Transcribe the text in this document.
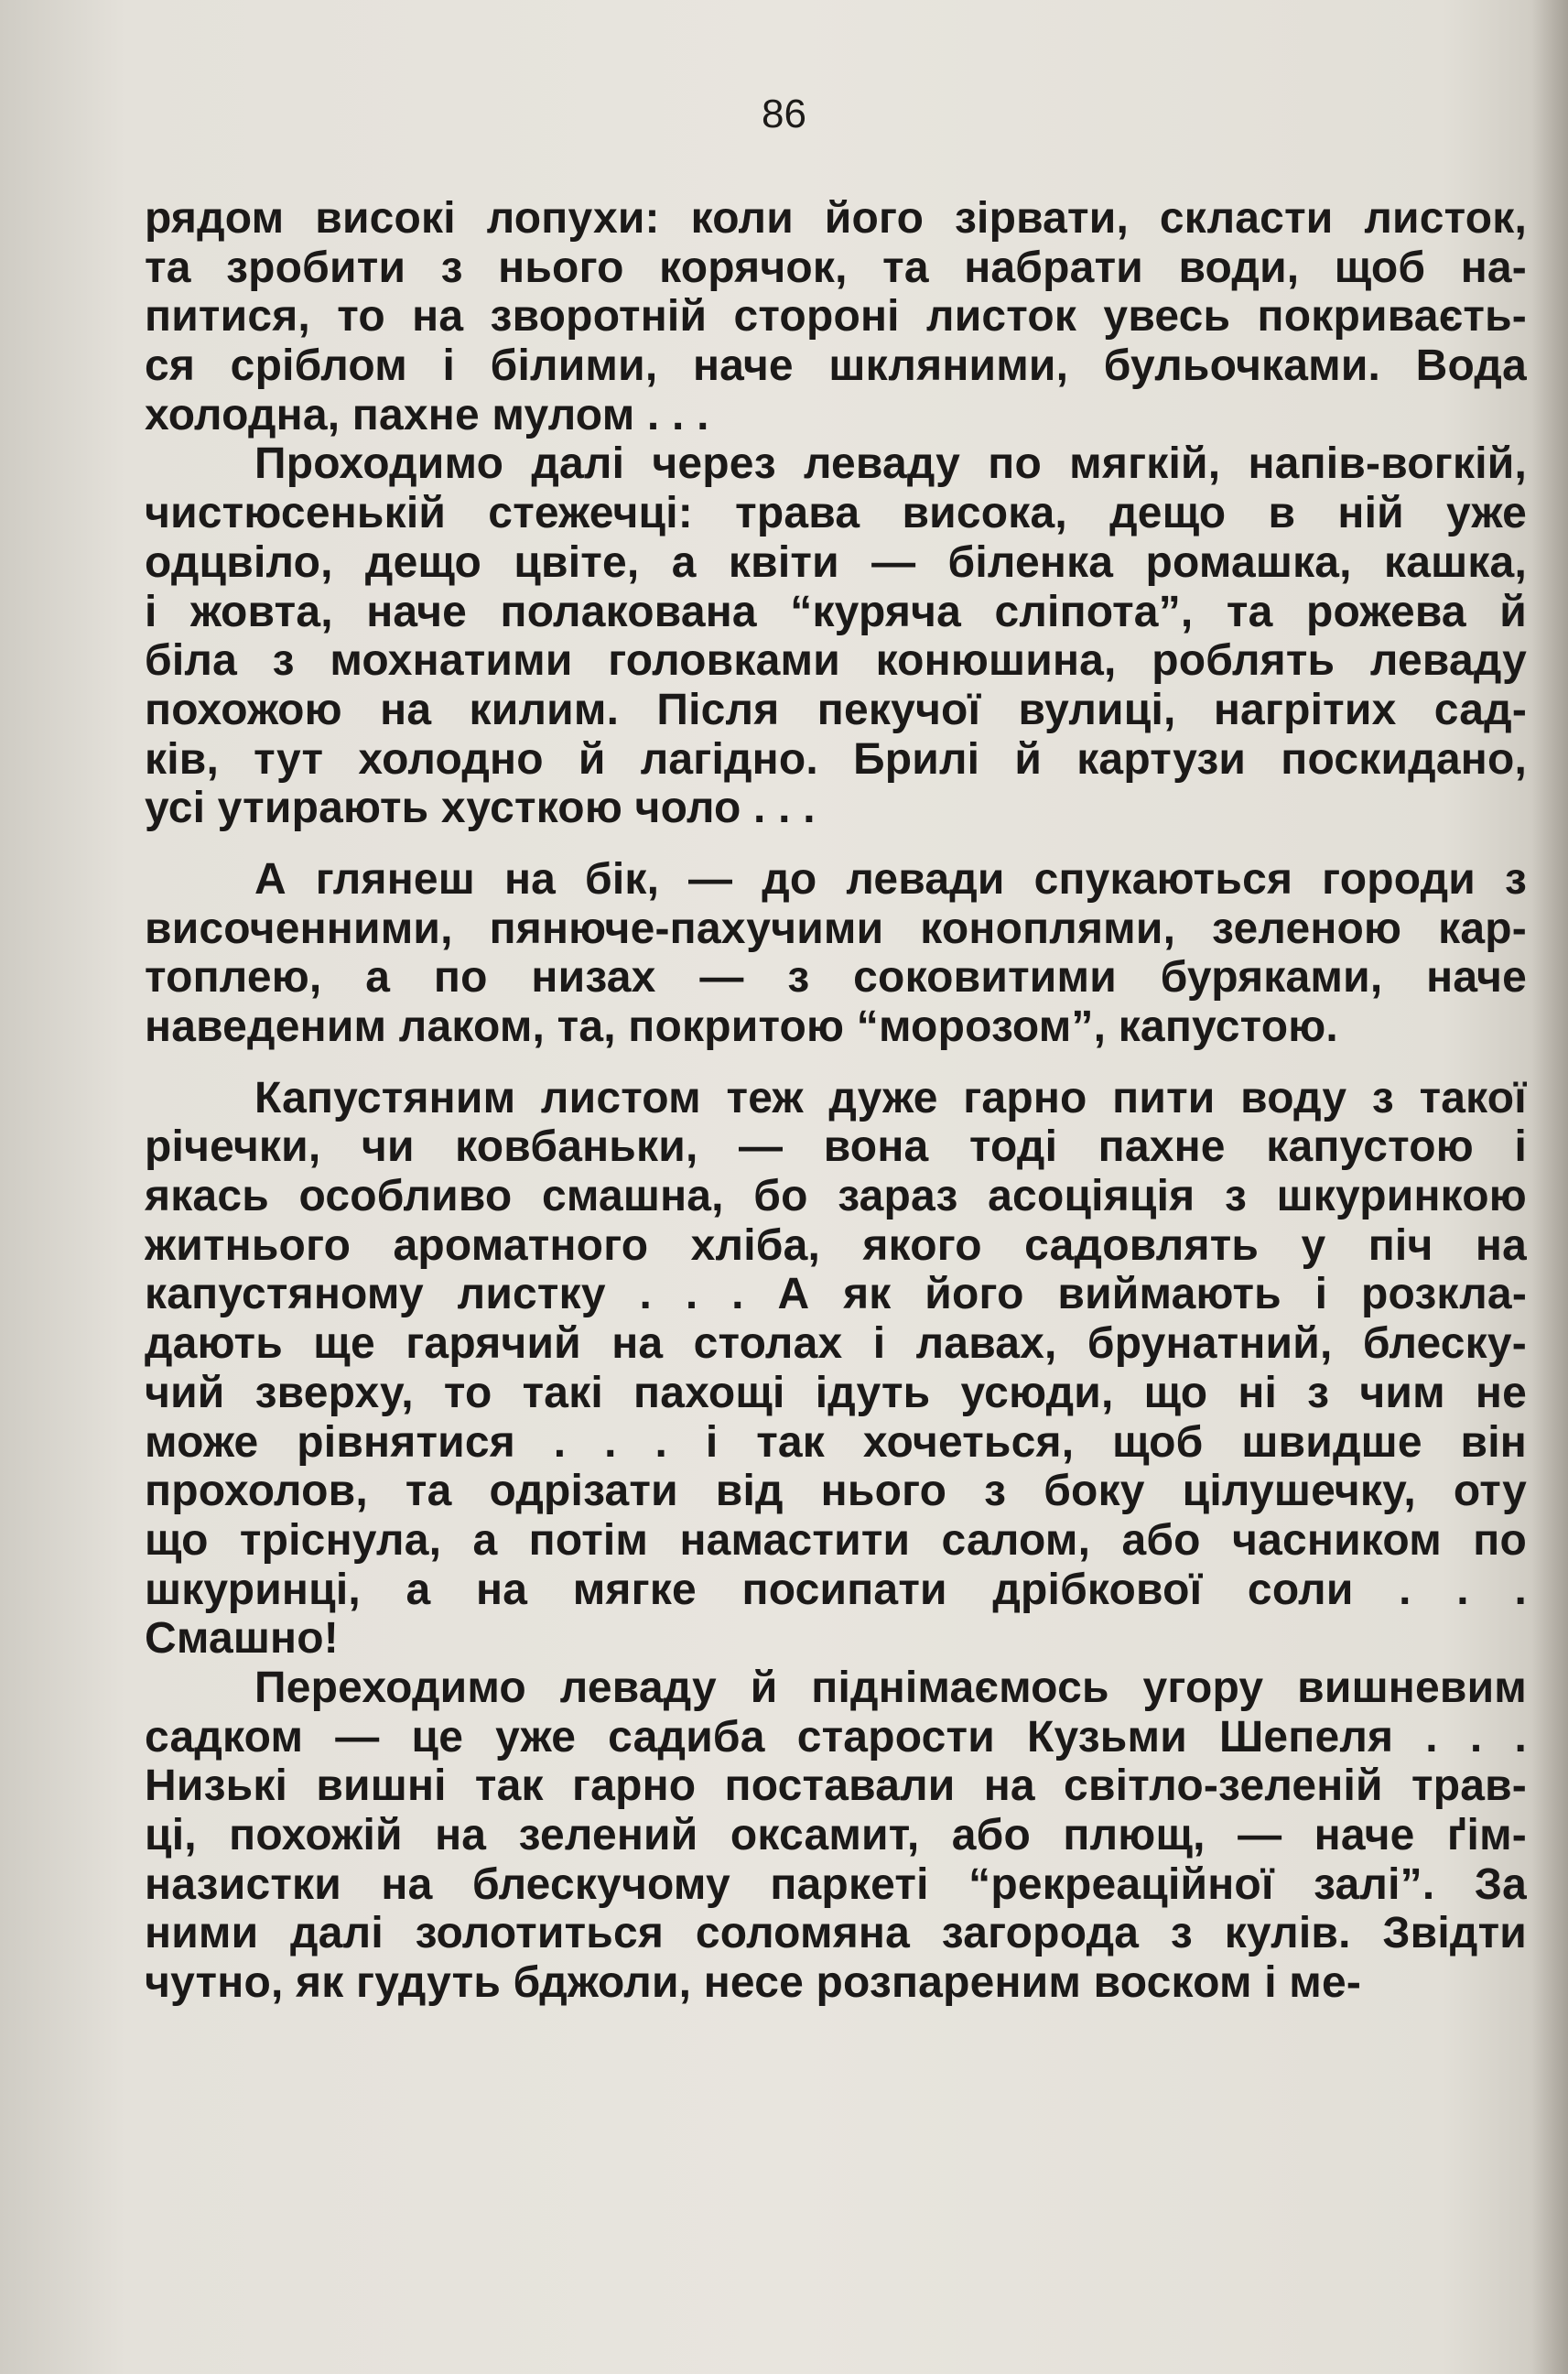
86
рядом високі лопухи: коли його зірвати, скласти листок,
та зробити з нього корячок, та набрати води, щоб на-
питися, то на зворотній стороні листок увесь покриваєть-
ся сріблом і білими, наче шкляними, бульочками. Вода
холодна, пахне мулом . . .
Проходимо далі через леваду по мягкій, напів-вогкій,
чистюсенькій стежечці: трава висока, дещо в ній уже
одцвіло, дещо цвіте, а квіти — біленка ромашка, кашка,
і жовта, наче полакована “куряча сліпота”, та рожева й
біла з мохнатими головками конюшина, роблять леваду
похожою на килим. Після пекучої вулиці, нагрітих сад-
ків, тут холодно й лагідно. Брилі й картузи поскидано,
усі утирають хусткою чоло . . .
А глянеш на бік, — до левади спукаються городи з
височенними, пянюче-пахучими коноплями, зеленою кар-
топлею, а по низах — з соковитими буряками, наче
наведеним лаком, та, покритою “морозом”, капустою.
Капустяним листом теж дуже гарно пити воду з такої
річечки, чи ковбаньки, — вона тоді пахне капустою і
якась особливо смашна, бо зараз асоціяція з шкуринкою
житнього ароматного хліба, якого садовлять у піч на
капустяному листку . . . А як його виймають і розкла-
дають ще гарячий на столах і лавах, брунатний, блеску-
чий зверху, то такі пахощі ідуть усюди, що ні з чим не
може рівнятися . . . і так хочеться, щоб швидше він
прохолов, та одрізати від нього з боку цілушечку, оту
що тріснула, а потім намастити салом, або часником по
шкуринці, а на мягке посипати дрібкової соли . . .
Смашно!
Переходимо леваду й піднімаємось угору вишневим
садком — це уже садиба старости Кузьми Шепеля . . .
Низькі вишні так гарно поставали на світло-зеленій трав-
ці, похожій на зелений оксамит, або плющ, — наче ґім-
назистки на блескучому паркеті “рекреаційної залі”. За
ними далі золотиться соломяна загорода з кулів. Звідти
чутно, як гудуть бджоли, несе розпареним воском і ме-
